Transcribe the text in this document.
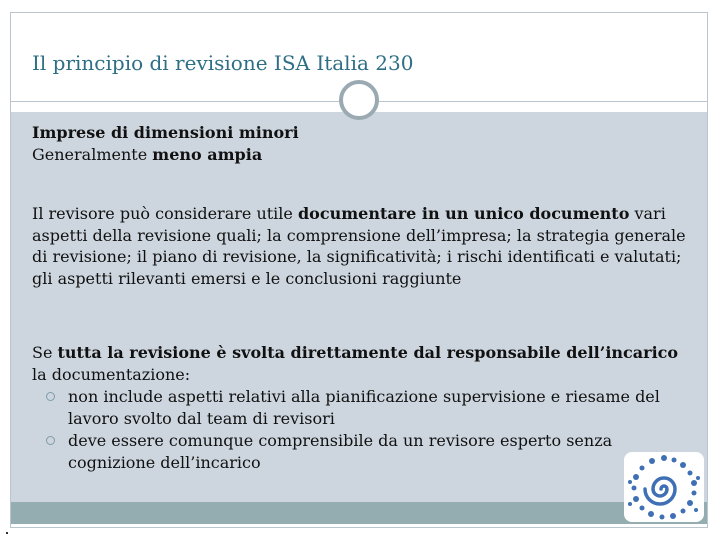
Il principio di revisione ISA Italia 230
Imprese di dimensioni minori
Generalmente meno ampia
Il revisore può considerare utile documentare in un unico documento vari aspetti della revisione quali; la comprensione dell’impresa; la strategia generale di revisione; il piano di revisione, la significatività; i rischi identificati e valutati; gli aspetti rilevanti emersi e le conclusioni raggiunte
Se tutta la revisione è svolta direttamente dal responsabile dell’incarico la documentazione:
non include aspetti relativi alla pianificazione supervisione e riesame del lavoro svolto dal team di revisori
deve essere comunque comprensibile da un revisore esperto senza cognizione dell’incarico
